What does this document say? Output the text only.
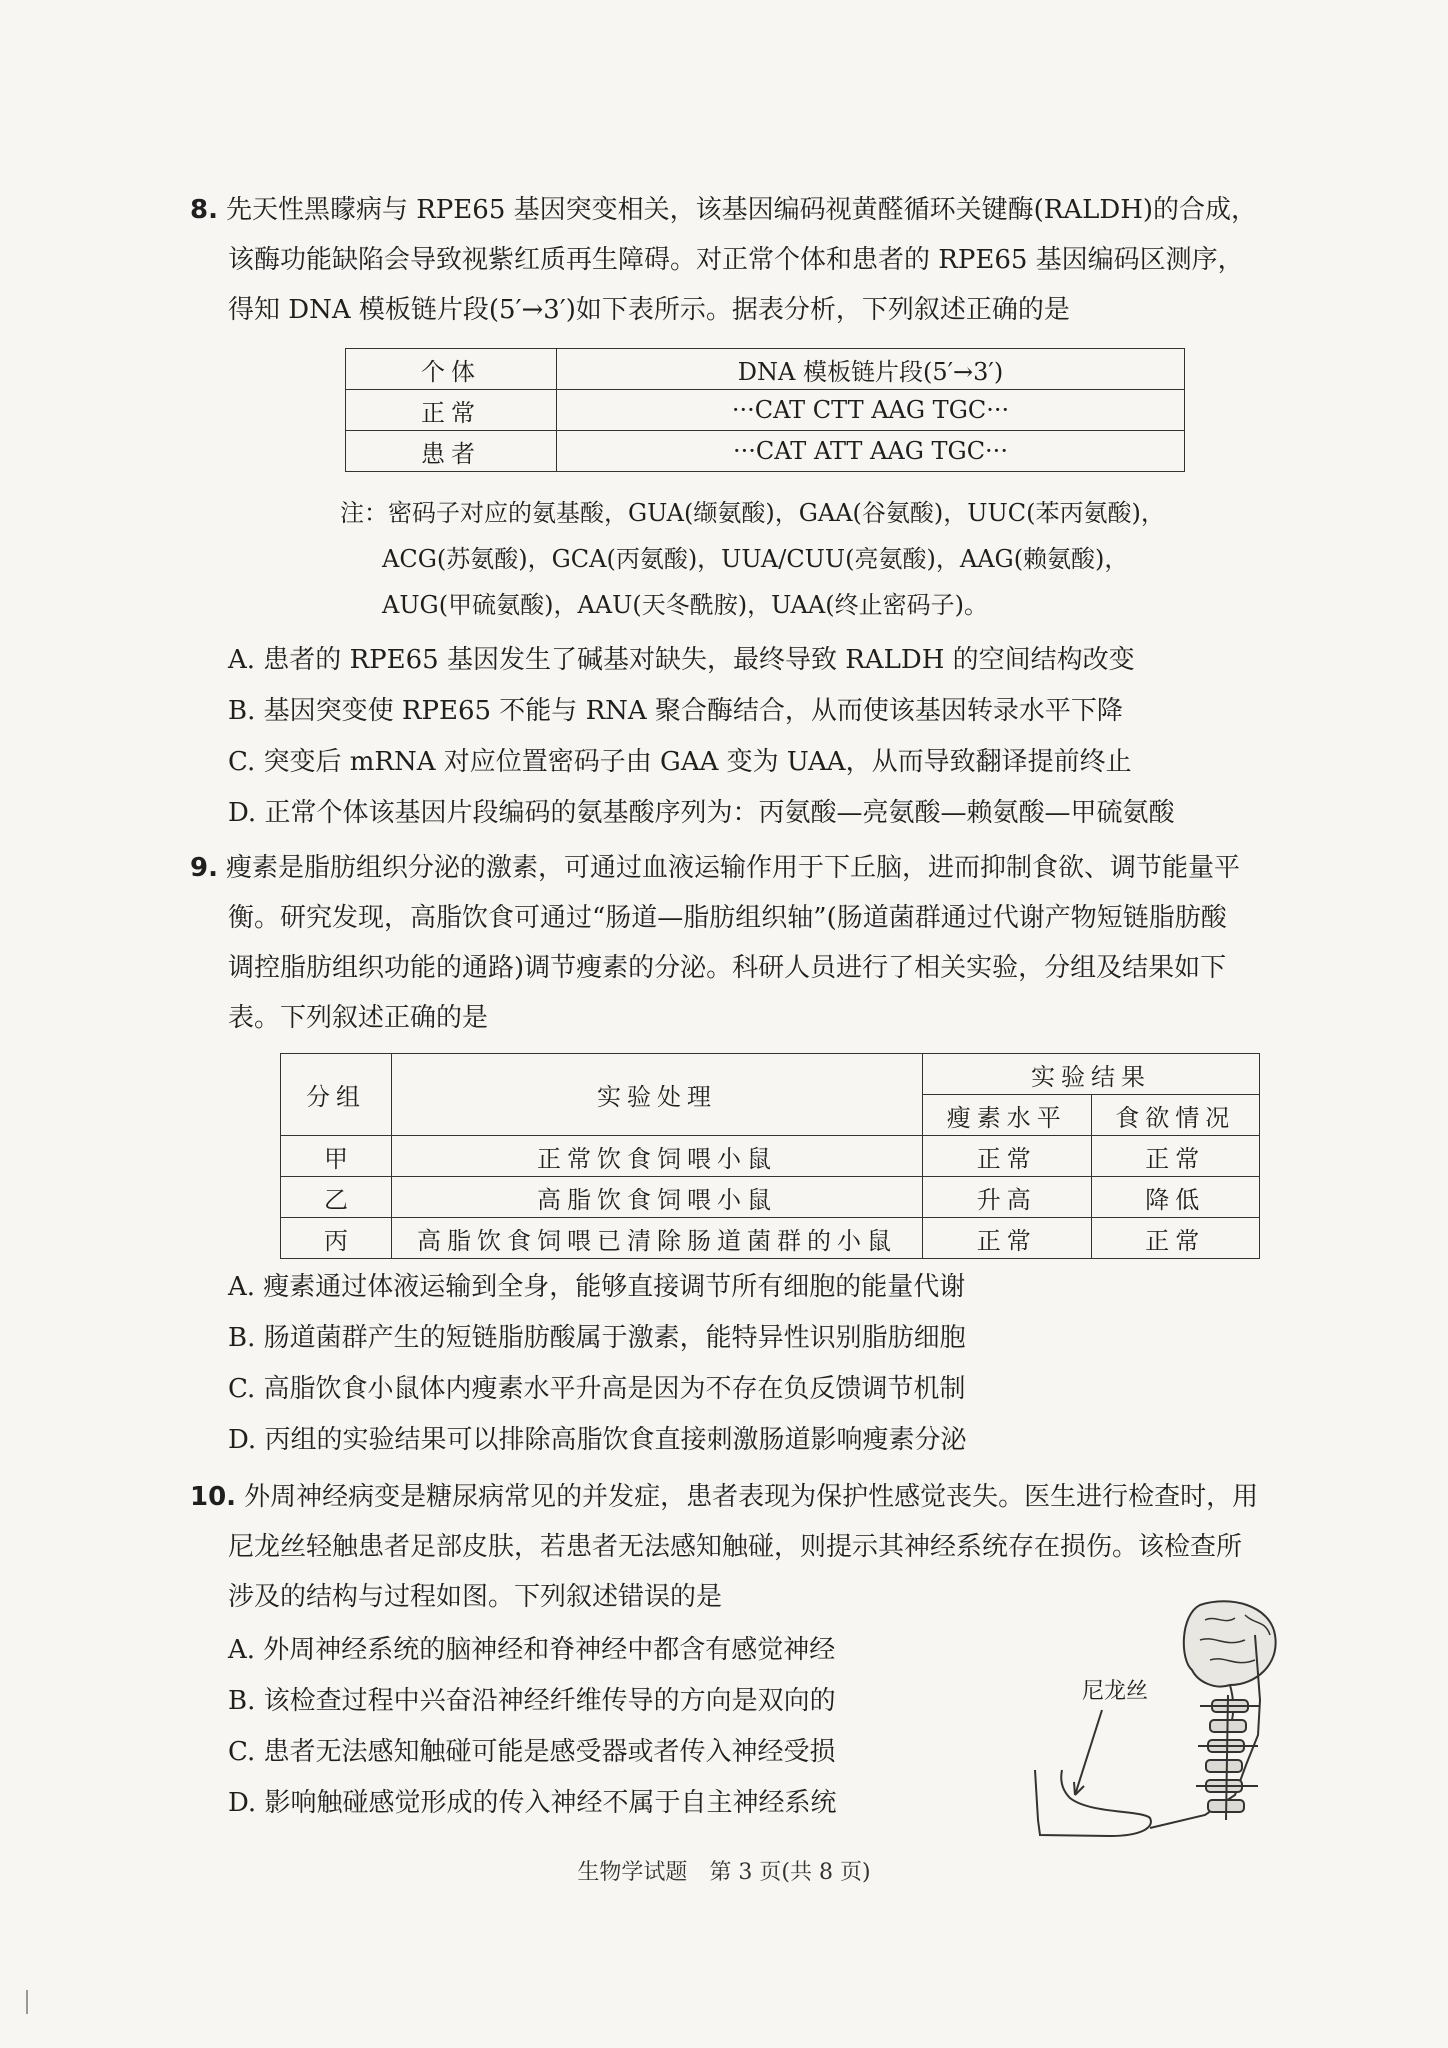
8. 先天性黑矇病与 RPE65 基因突变相关，该基因编码视黄醛循环关键酶(RALDH)的合成，
该酶功能缺陷会导致视紫红质再生障碍。对正常个体和患者的 RPE65 基因编码区测序，
得知 DNA 模板链片段(5′→3′)如下表所示。据表分析，下列叙述正确的是
个体	DNA 模板链片段(5′→3′)
正常	···CAT CTT AAG TGC···
患者	···CAT ATT AAG TGC···
注：密码子对应的氨基酸，GUA(缬氨酸)，GAA(谷氨酸)，UUC(苯丙氨酸)，
ACG(苏氨酸)，GCA(丙氨酸)，UUA/CUU(亮氨酸)，AAG(赖氨酸)，
AUG(甲硫氨酸)，AAU(天冬酰胺)，UAA(终止密码子)。
A. 患者的 RPE65 基因发生了碱基对缺失，最终导致 RALDH 的空间结构改变
B. 基因突变使 RPE65 不能与 RNA 聚合酶结合，从而使该基因转录水平下降
C. 突变后 mRNA 对应位置密码子由 GAA 变为 UAA，从而导致翻译提前终止
D. 正常个体该基因片段编码的氨基酸序列为：丙氨酸—亮氨酸—赖氨酸—甲硫氨酸
9. 瘦素是脂肪组织分泌的激素，可通过血液运输作用于下丘脑，进而抑制食欲、调节能量平
衡。研究发现，高脂饮食可通过“肠道—脂肪组织轴”(肠道菌群通过代谢产物短链脂肪酸
调控脂肪组织功能的通路)调节瘦素的分泌。科研人员进行了相关实验，分组及结果如下
表。下列叙述正确的是
分组	实验处理	实验结果	
		瘦素水平	食欲情况
甲	正常饮食饲喂小鼠	正常	正常
乙	高脂饮食饲喂小鼠	升高	降低
丙	高脂饮食饲喂已清除肠道菌群的小鼠	正常	正常
A. 瘦素通过体液运输到全身，能够直接调节所有细胞的能量代谢
B. 肠道菌群产生的短链脂肪酸属于激素，能特异性识别脂肪细胞
C. 高脂饮食小鼠体内瘦素水平升高是因为不存在负反馈调节机制
D. 丙组的实验结果可以排除高脂饮食直接刺激肠道影响瘦素分泌
10. 外周神经病变是糖尿病常见的并发症，患者表现为保护性感觉丧失。医生进行检查时，用
尼龙丝轻触患者足部皮肤，若患者无法感知触碰，则提示其神经系统存在损伤。该检查所
涉及的结构与过程如图。下列叙述错误的是
A. 外周神经系统的脑神经和脊神经中都含有感觉神经
B. 该检查过程中兴奋沿神经纤维传导的方向是双向的
C. 患者无法感知触碰可能是感受器或者传入神经受损
D. 影响触碰感觉形成的传入神经不属于自主神经系统
尼龙丝
生物学试题　第 3 页(共 8 页)
